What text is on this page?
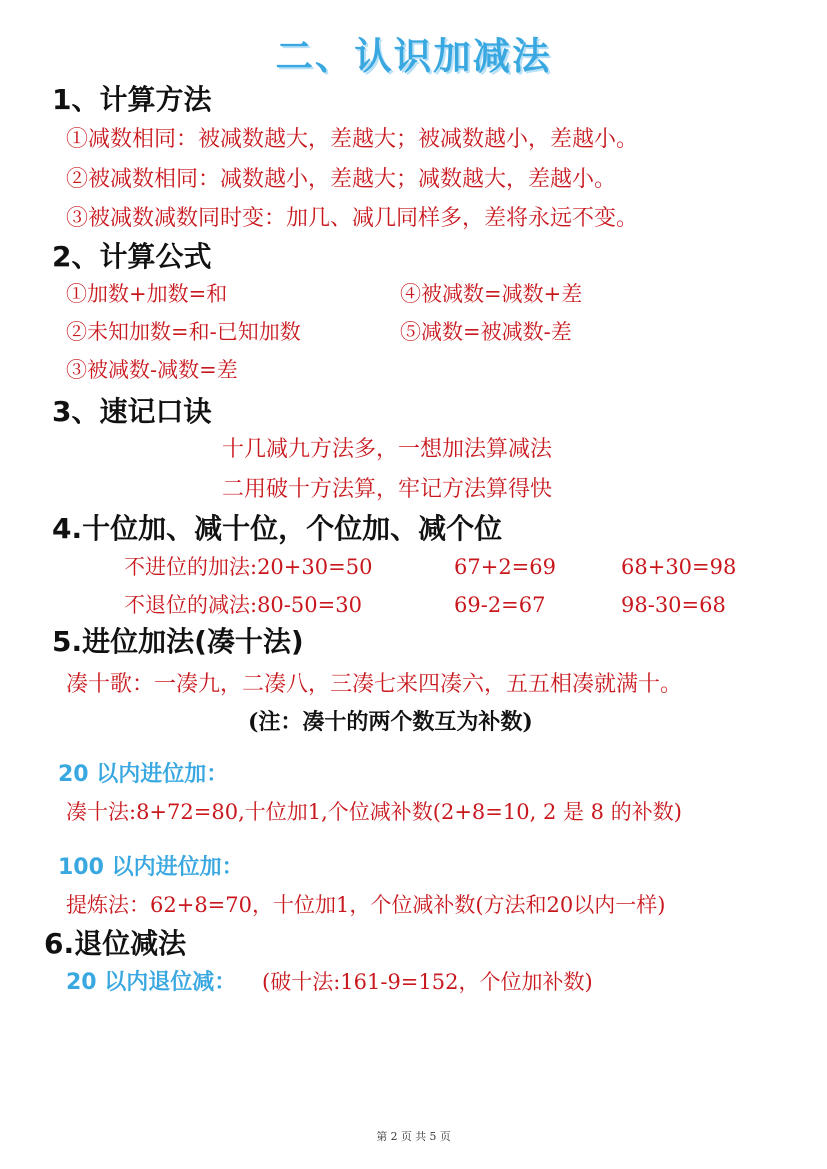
二、认识加减法
1、计算方法
①减数相同：被减数越大，差越大；被减数越小，差越小。
②被减数相同：减数越小，差越大；减数越大，差越小。
③被减数减数同时变：加几、减几同样多，差将永远不变。
2、计算公式
①加数+加数=和	④被减数=减数+差
②未知加数=和-已知加数	⑤减数=被减数-差
③被减数-减数=差
3、速记口诀
十几减九方法多，一想加法算减法
二用破十方法算，牢记方法算得快
4.十位加、减十位，个位加、减个位
不进位的加法:20+30=50	67+2=69	68+30=98
不退位的减法:80-50=30	69-2=67	98-30=68
5.进位加法(凑十法)
凑十歌：一凑九，二凑八，三凑七来四凑六，五五相凑就满十。
(注：凑十的两个数互为补数)
20 以内进位加：
凑十法:8+72=80,十位加1,个位减补数(2+8=10, 2 是 8 的补数)
100 以内进位加：
提炼法：62+8=70，十位加1，个位减补数(方法和20以内一样)
6.退位减法
20 以内退位减： (破十法:161-9=152，个位加补数)
第 2 页 共 5 页
